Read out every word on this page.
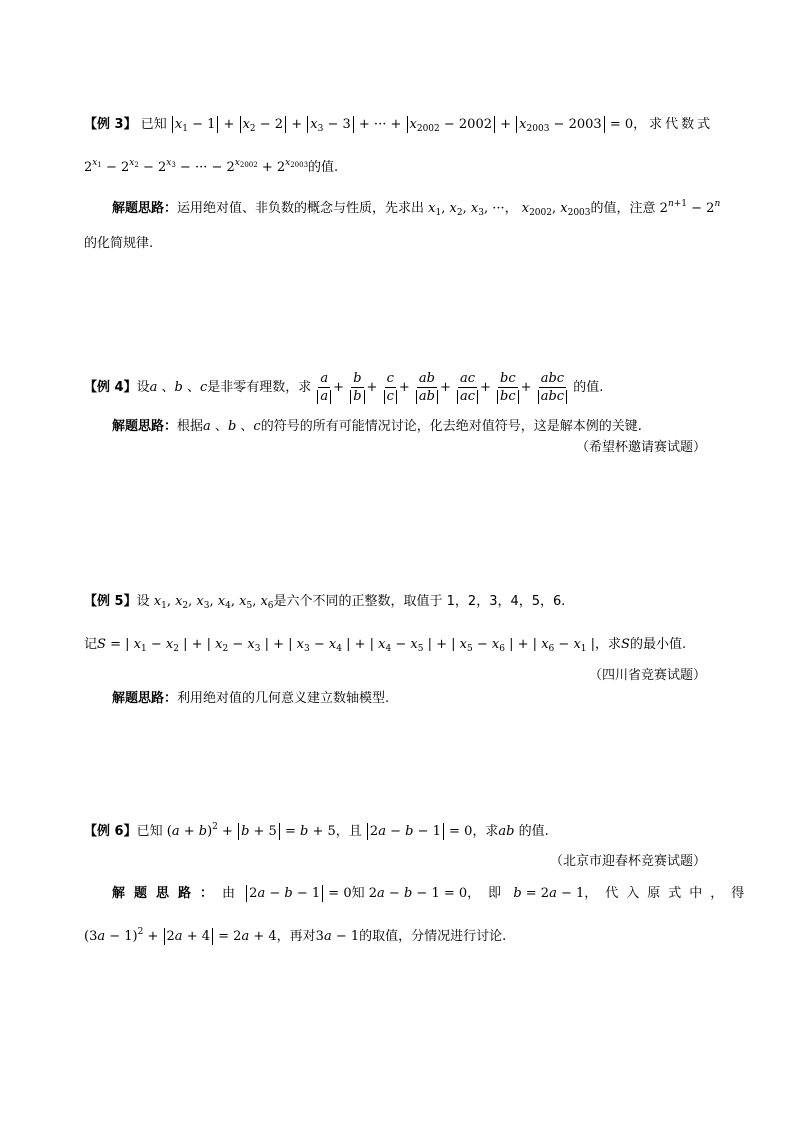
【例 3】 已知 $x_1 - 1 + x_2 - 2 + x_3 - 3$ + ··· + $x_{2002} - 2002 + x_{2003} - 2003 = 0$，求代数式
$2^{x_1} - 2^{x_2} - 2^{x_3}$ − ··· − $2^{x_{2002}} + 2^{x_{2003}}$的值.
解题思路：运用绝对值、非负数的概念与性质，先求出 $x_1$, $x_2$, $x_3$, ···， $x_{2002}$, $x_{2003}$的值，注意 $2^{n+1} - 2^n$
的化简规律.
【例 4】设a 、b 、c是非零有理数，求 $\frac{a}{a} + \frac{b}{b} + \frac{c}{c} + \frac{ab}{ab} + \frac{ac}{ac} + \frac{bc}{bc} + \frac{\text{abc}}{\text{abc}}$ 的值.
解题思路：根据a 、b 、c的符号的所有可能情况讨论，化去绝对值符号，这是解本例的关键.
（希望杯邀请赛试题）
【例 5】设 $x_1$, $x_2$, $x_3$, $x_4$, $x_5$, $x_6$是六个不同的正整数，取值于 1，2，3，4，5，6.
记S = | $x_1 - x_2$ | + | $x_2 - x_3$ | + | $x_3 - x_4$ | + | $x_4 - x_5$ | + | $x_5 - x_6$ | + | $x_6 - x_1$ |，求S的最小值.
（四川省竞赛试题）
解题思路：利用绝对值的几何意义建立数轴模型.
【例 6】已知 $(a + b)^2 + b + 5 = b + 5$，且 2a − b − 1 = 0，求ab 的值.
（北京市迎春杯竞赛试题）
解题思路：由 2a − b − 1 = 0知 2a − b − 1 = 0，即 b = 2a − 1，代入原式中，得
$(3a - 1)^2 + 2a + 4 = 2a + 4$，再对3a − 1的取值，分情况进行讨论.
